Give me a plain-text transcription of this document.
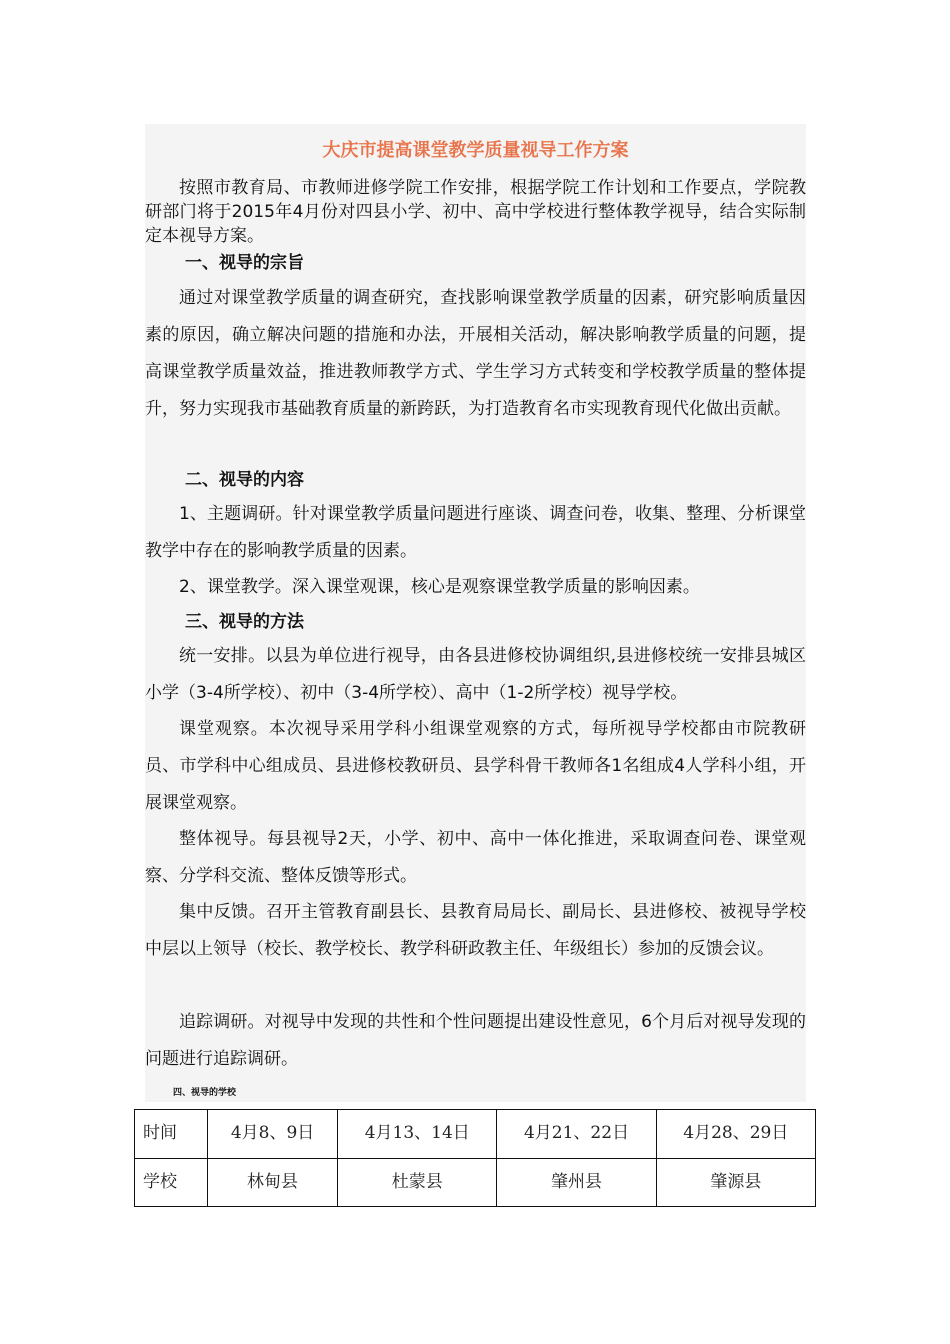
大庆市提高课堂教学质量视导工作方案

按照市教育局、市教师进修学院工作安排，根据学院工作计划和工作要点，学院教研部门将于2015年4月份对四县小学、初中、高中学校进行整体教学视导，结合实际制定本视导方案。

一、视导的宗旨

通过对课堂教学质量的调查研究，查找影响课堂教学质量的因素，研究影响质量因素的原因，确立解决问题的措施和办法，开展相关活动，解决影响教学质量的问题，提高课堂教学质量效益，推进教师教学方式、学生学习方式转变和学校教学质量的整体提升，努力实现我市基础教育质量的新跨跃，为打造教育名市实现教育现代化做出贡献。

二、视导的内容

1、主题调研。针对课堂教学质量问题进行座谈、调查问卷，收集、整理、分析课堂教学中存在的影响教学质量的因素。

2、课堂教学。深入课堂观课，核心是观察课堂教学质量的影响因素。

三、视导的方法

统一安排。以县为单位进行视导，由各县进修校协调组织,县进修校统一安排县城区小学（3-4所学校）、初中（3-4所学校）、高中（1-2所学校）视导学校。

课堂观察。本次视导采用学科小组课堂观察的方式，每所视导学校都由市院教研员、市学科中心组成员、县进修校教研员、县学科骨干教师各1名组成4人学科小组，开展课堂观察。

整体视导。每县视导2天，小学、初中、高中一体化推进，采取调查问卷、课堂观察、分学科交流、整体反馈等形式。

集中反馈。召开主管教育副县长、县教育局局长、副局长、县进修校、被视导学校中层以上领导（校长、教学校长、教学科研政教主任、年级组长）参加的反馈会议。

追踪调研。对视导中发现的共性和个性问题提出建设性意见，6个月后对视导发现的问题进行追踪调研。

四、视导的学校

时间	4月8、9日	4月13、14日	4月21、22日	4月28、29日
学校	林甸县	杜蒙县	肇州县	肇源县
